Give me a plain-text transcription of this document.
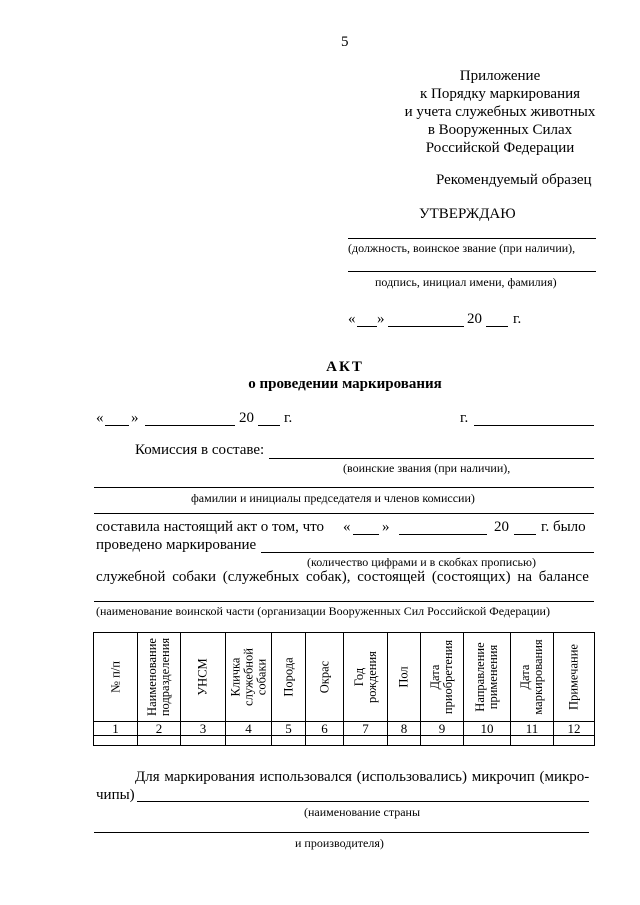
5
Приложение
к Порядку маркирования
и учета служебных животных
в Вооруженных Силах
Российской Федерации
Рекомендуемый образец
УТВЕРЖДАЮ
(должность, воинское звание (при наличии),
подпись, инициал имени, фамилия)
« »	20 г.
АКТ
о проведении маркирования
« »	20 г.	г.
Комиссия в составе:
(воинские звания (при наличии),
фамилии и инициалы председателя и членов комиссии)
составила настоящий акт о том, что « »	20 г. было
проведено маркирование
(количество цифрами и в скобках прописью)
служебной собаки (служебных собак), состоящей (состоящих) на балансе
(наименование воинской части (организации Вооруженных Сил Российской Федерации)
№ п/п	Наименование подразделения	УНСМ	Кличка служебной собаки	Порода	Окрас	Год рождения	Пол	Дата приобретения	Направление применения	Дата маркирования	Примечание

1	2	3	4	5	6	7	8	9	10	11	12

Для маркирования использовался (использовались) микрочип (микро-
чипы)
(наименование страны
и производителя)
